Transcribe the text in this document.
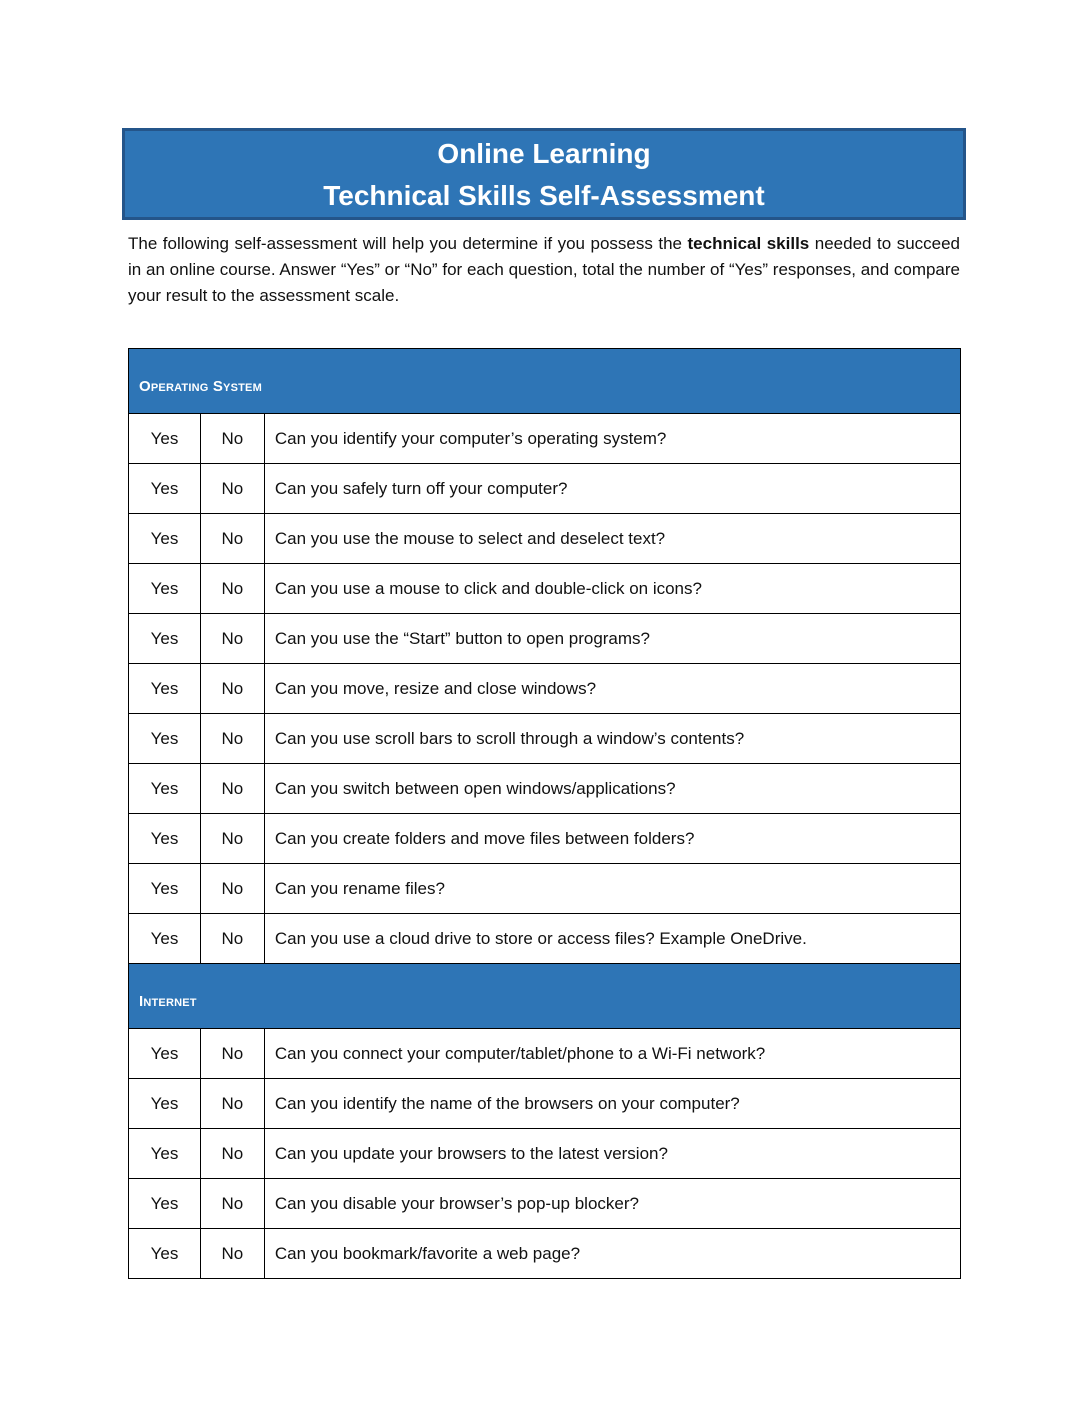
Online Learning
Technical Skills Self-Assessment

The following self-assessment will help you determine if you possess the technical skills needed to succeed in an online course. Answer “Yes” or “No” for each question, total the number of “Yes” responses, and compare your result to the assessment scale.

Operating System		
Yes	No	Can you identify your computer’s operating system?
Yes	No	Can you safely turn off your computer?
Yes	No	Can you use the mouse to select and deselect text?
Yes	No	Can you use a mouse to click and double-click on icons?
Yes	No	Can you use the “Start” button to open programs?
Yes	No	Can you move, resize and close windows?
Yes	No	Can you use scroll bars to scroll through a window’s contents?
Yes	No	Can you switch between open windows/applications?
Yes	No	Can you create folders and move files between folders?
Yes	No	Can you rename files?
Yes	No	Can you use a cloud drive to store or access files? Example OneDrive.
Internet		
Yes	No	Can you connect your computer/tablet/phone to a Wi-Fi network?
Yes	No	Can you identify the name of the browsers on your computer?
Yes	No	Can you update your browsers to the latest version?
Yes	No	Can you disable your browser’s pop-up blocker?
Yes	No	Can you bookmark/favorite a web page?
